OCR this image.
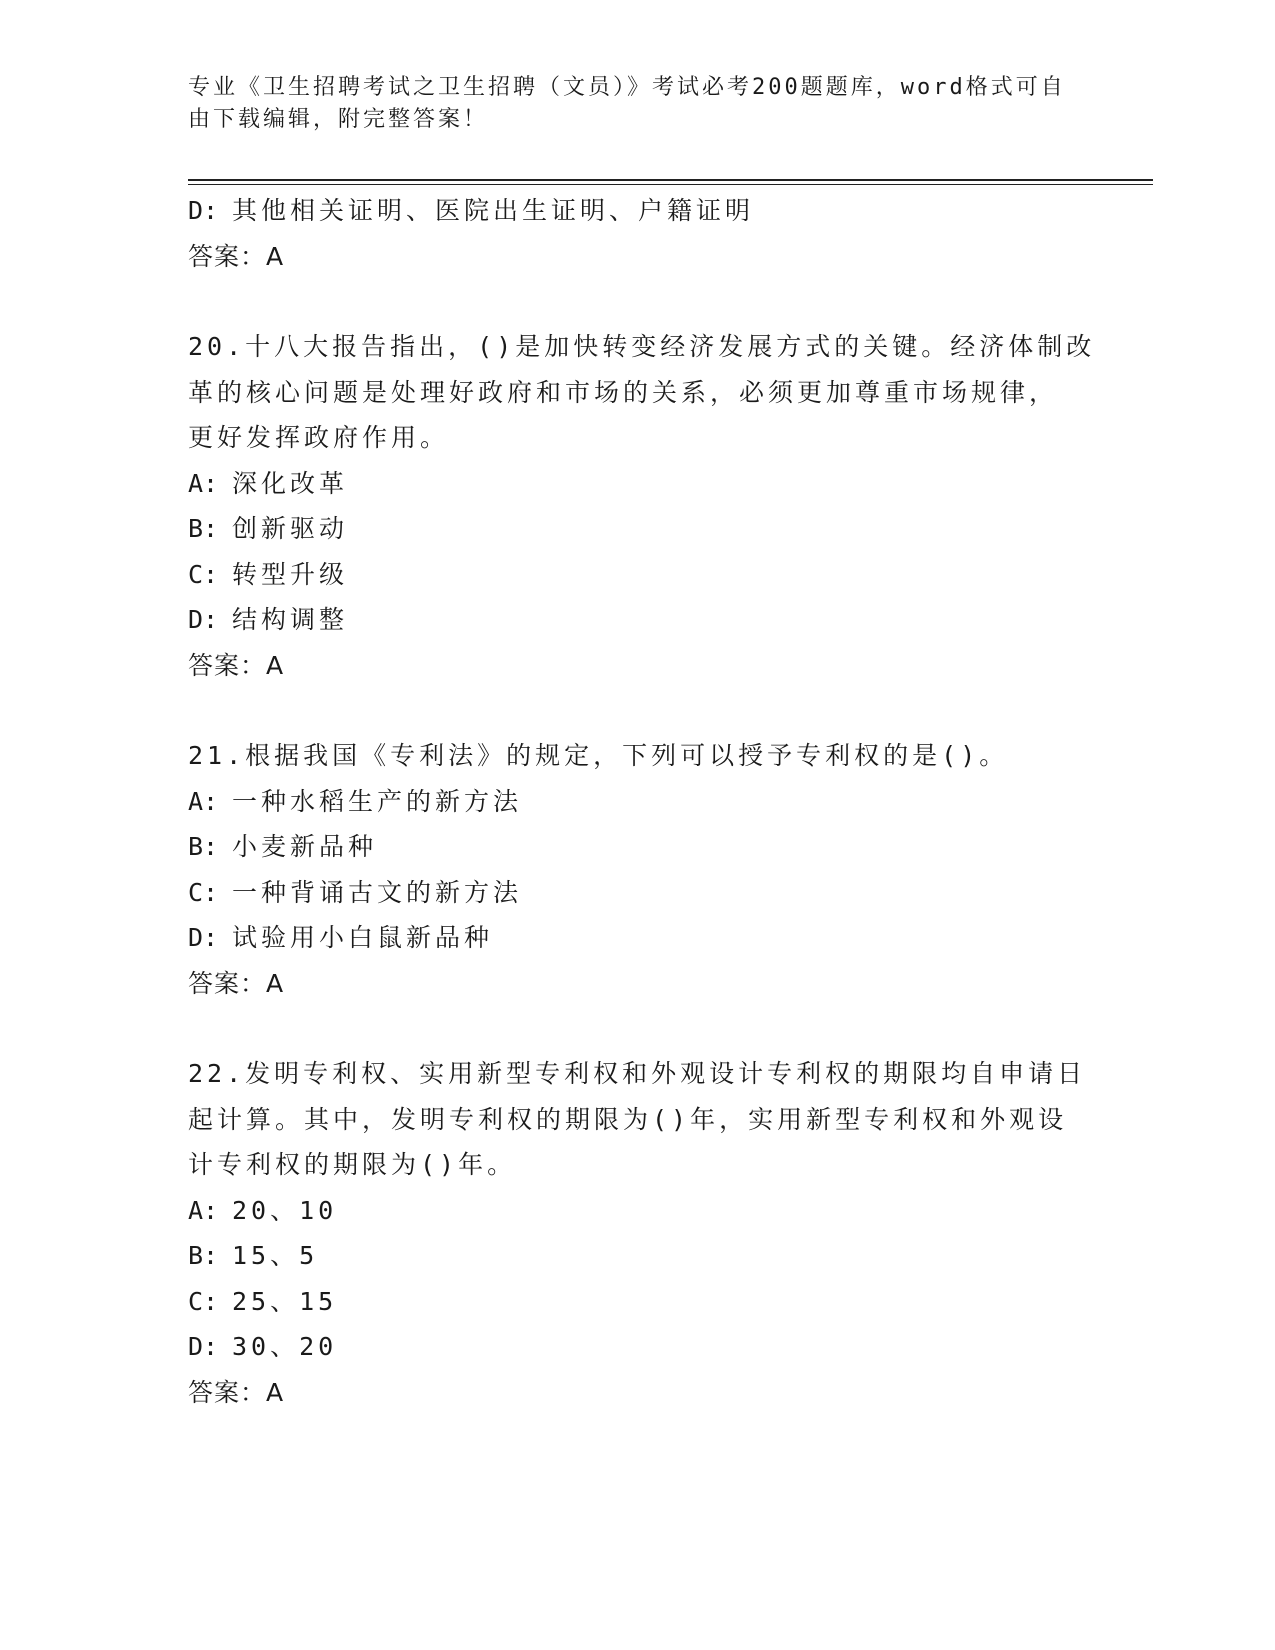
专业《卫生招聘考试之卫生招聘（文员）》考试必考200题题库，word格式可自
由下载编辑，附完整答案！
D: 其他相关证明、医院出生证明、户籍证明
答案：A
20.十八大报告指出，()是加快转变经济发展方式的关键。经济体制改
革的核心问题是处理好政府和市场的关系，必须更加尊重市场规律，
更好发挥政府作用。
A: 深化改革
B: 创新驱动
C: 转型升级
D: 结构调整
答案：A
21.根据我国《专利法》的规定，下列可以授予专利权的是()。
A: 一种水稻生产的新方法
B: 小麦新品种
C: 一种背诵古文的新方法
D: 试验用小白鼠新品种
答案：A
22.发明专利权、实用新型专利权和外观设计专利权的期限均自申请日
起计算。其中，发明专利权的期限为()年，实用新型专利权和外观设
计专利权的期限为()年。
A: 20、10
B: 15、5
C: 25、15
D: 30、20
答案：A
